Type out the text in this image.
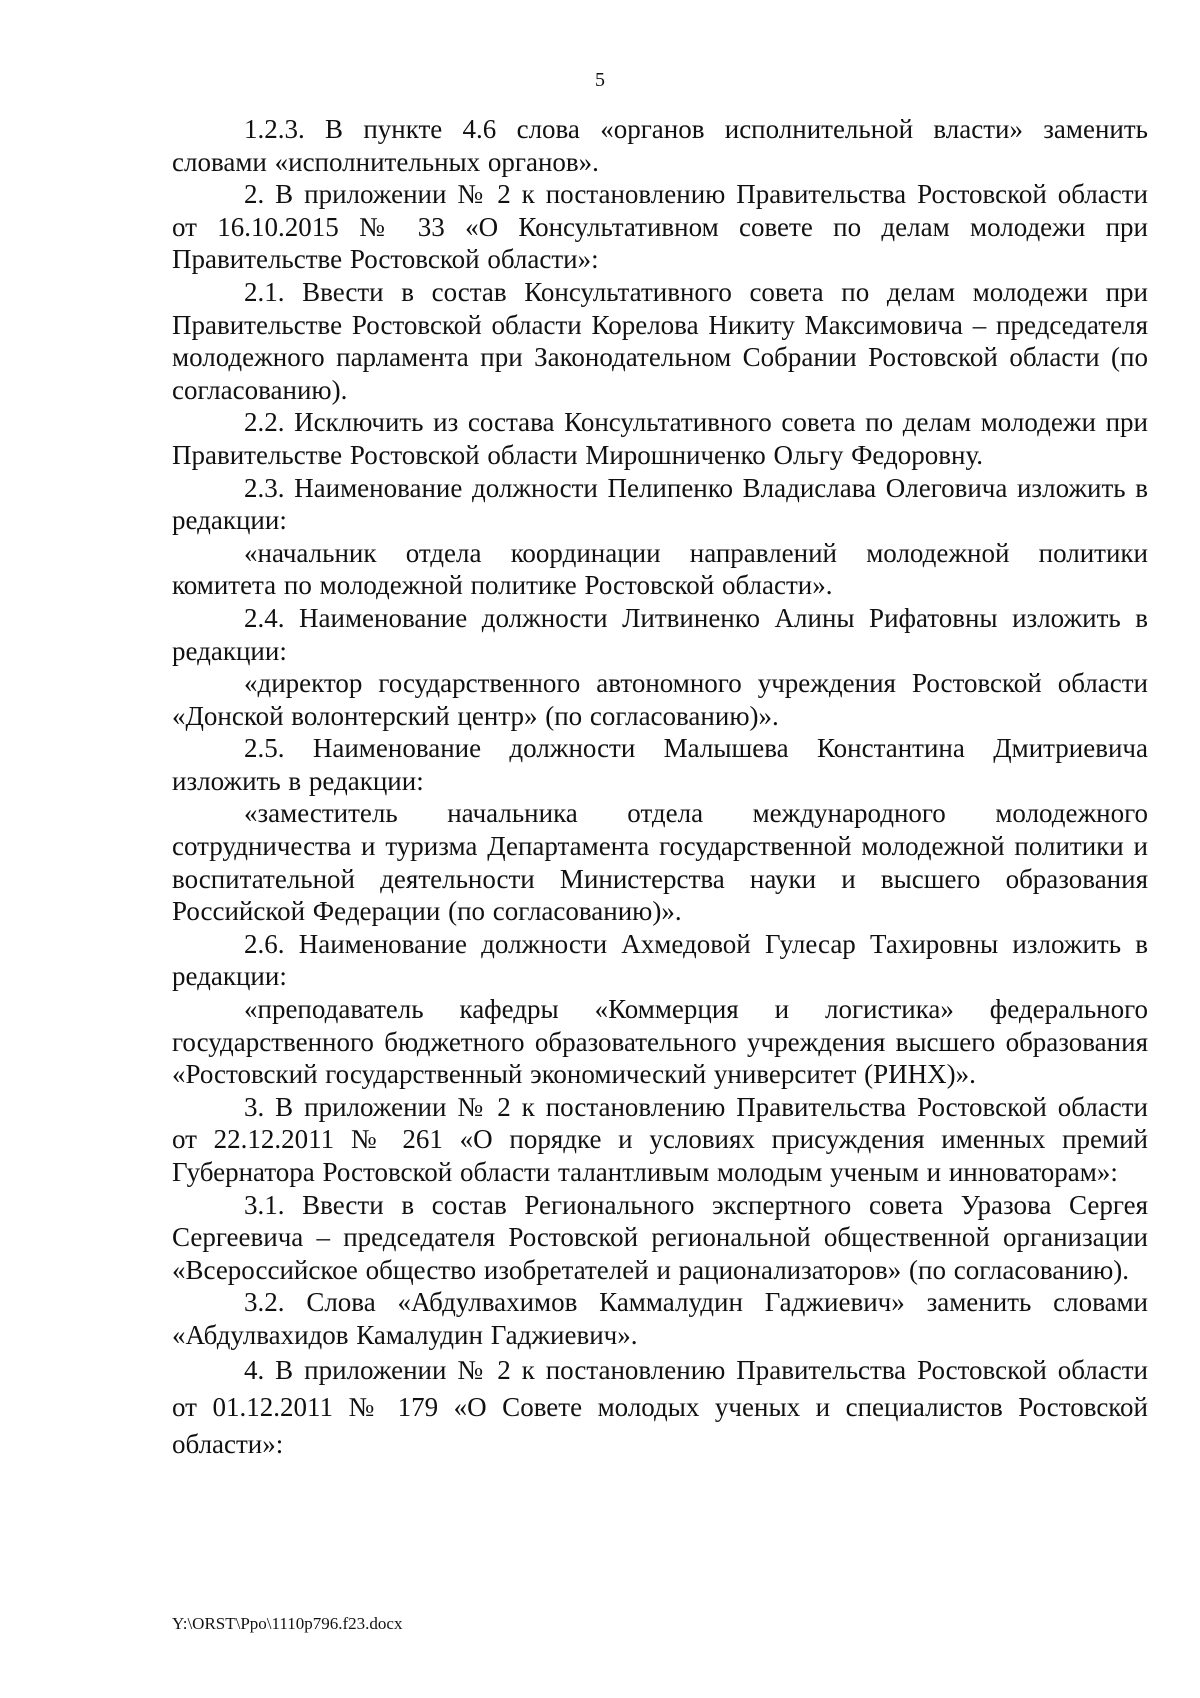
5

1.2.3. В пункте 4.6 слова «органов исполнительной власти» заменить словами «исполнительных органов».

2. В приложении № 2 к постановлению Правительства Ростовской области от 16.10.2015 № 33 «О Консультативном совете по делам молодежи при Правительстве Ростовской области»:

2.1. Ввести в состав Консультативного совета по делам молодежи при Правительстве Ростовской области Корелова Никиту Максимовича – председателя молодежного парламента при Законодательном Собрании Ростовской области (по согласованию).

2.2. Исключить из состава Консультативного совета по делам молодежи при Правительстве Ростовской области Мирошниченко Ольгу Федоровну.

2.3. Наименование должности Пелипенко Владислава Олеговича изложить в редакции:

«начальник отдела координации направлений молодежной политики комитета по молодежной политике Ростовской области».

2.4. Наименование должности Литвиненко Алины Рифатовны изложить в редакции:

«директор государственного автономного учреждения Ростовской области «Донской волонтерский центр» (по согласованию)».

2.5. Наименование должности Малышева Константина Дмитриевича изложить в редакции:

«заместитель начальника отдела международного молодежного сотрудничества и туризма Департамента государственной молодежной политики и воспитательной деятельности Министерства науки и высшего образования Российской Федерации (по согласованию)».

2.6. Наименование должности Ахмедовой Гулесар Тахировны изложить в редакции:

«преподаватель кафедры «Коммерция и логистика» федерального государственного бюджетного образовательного учреждения высшего образования «Ростовский государственный экономический университет (РИНХ)».

3. В приложении № 2 к постановлению Правительства Ростовской области от 22.12.2011 № 261 «О порядке и условиях присуждения именных премий Губернатора Ростовской области талантливым молодым ученым и инноваторам»:

3.1. Ввести в состав Регионального экспертного совета Уразова Сергея Сергеевича – председателя Ростовской региональной общественной организации «Всероссийское общество изобретателей и рационализаторов» (по согласованию).

3.2. Слова «Абдулвахимов Каммалудин Гаджиевич» заменить словами «Абдулвахидов Камалудин Гаджиевич».

4. В приложении № 2 к постановлению Правительства Ростовской области от 01.12.2011 № 179 «О Совете молодых ученых и специалистов Ростовской области»:

Y:\ORST\Ppo\1110p796.f23.docx
